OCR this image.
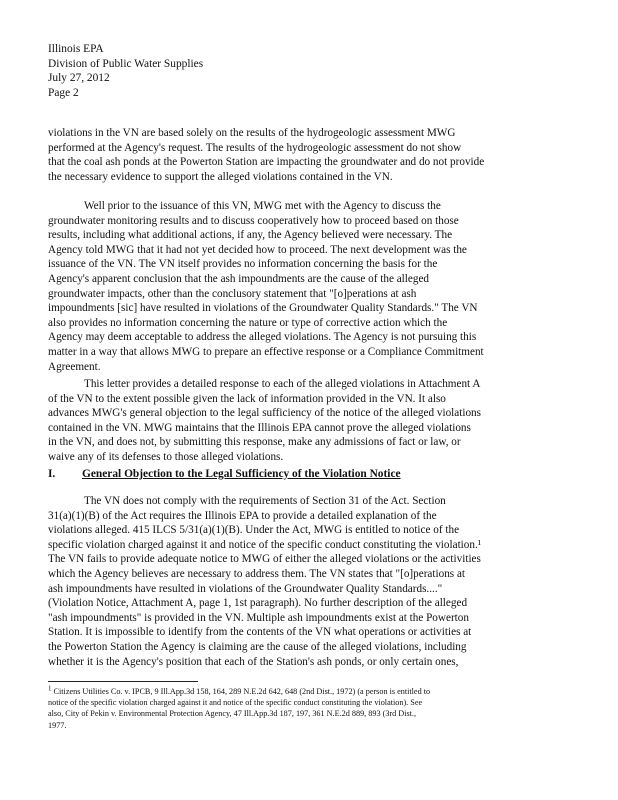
Illinois EPA
Division of Public Water Supplies
July 27, 2012
Page 2
violations in the VN are based solely on the results of the hydrogeologic assessment MWG
performed at the Agency's request. The results of the hydrogeologic assessment do not show
that the coal ash ponds at the Powerton Station are impacting the groundwater and do not provide
the necessary evidence to support the alleged violations contained in the VN.
Well prior to the issuance of this VN, MWG met with the Agency to discuss the
groundwater monitoring results and to discuss cooperatively how to proceed based on those
results, including what additional actions, if any, the Agency believed were necessary. The
Agency told MWG that it had not yet decided how to proceed. The next development was the
issuance of the VN. The VN itself provides no information concerning the basis for the
Agency's apparent conclusion that the ash impoundments are the cause of the alleged
groundwater impacts, other than the conclusory statement that "[o]perations at ash
impoundments [sic] have resulted in violations of the Groundwater Quality Standards." The VN
also provides no information concerning the nature or type of corrective action which the
Agency may deem acceptable to address the alleged violations. The Agency is not pursuing this
matter in a way that allows MWG to prepare an effective response or a Compliance Commitment
Agreement.
This letter provides a detailed response to each of the alleged violations in Attachment A
of the VN to the extent possible given the lack of information provided in the VN. It also
advances MWG's general objection to the legal sufficiency of the notice of the alleged violations
contained in the VN. MWG maintains that the Illinois EPA cannot prove the alleged violations
in the VN, and does not, by submitting this response, make any admissions of fact or law, or
waive any of its defenses to those alleged violations.
I. General Objection to the Legal Sufficiency of the Violation Notice
The VN does not comply with the requirements of Section 31 of the Act. Section
31(a)(1)(B) of the Act requires the Illinois EPA to provide a detailed explanation of the
violations alleged. 415 ILCS 5/31(a)(1)(B). Under the Act, MWG is entitled to notice of the
specific violation charged against it and notice of the specific conduct constituting the violation.¹
The VN fails to provide adequate notice to MWG of either the alleged violations or the activities
which the Agency believes are necessary to address them. The VN states that "[o]perations at
ash impoundments have resulted in violations of the Groundwater Quality Standards...."
(Violation Notice, Attachment A, page 1, 1st paragraph). No further description of the alleged
"ash impoundments" is provided in the VN. Multiple ash impoundments exist at the Powerton
Station. It is impossible to identify from the contents of the VN what operations or activities at
the Powerton Station the Agency is claiming are the cause of the alleged violations, including
whether it is the Agency's position that each of the Station's ash ponds, or only certain ones,
$^1$ Citizens Utilities Co. v. IPCB, 9 Ill.App.3d 158, 164, 289 N.E.2d 642, 648 (2nd Dist., 1972) (a person is entitled to
notice of the specific violation charged against it and notice of the specific conduct constituting the violation). See
also, City of Pekin v. Environmental Protection Agency, 47 Ill.App.3d 187, 197, 361 N.E.2d 889, 893 (3rd Dist.,
1977.
